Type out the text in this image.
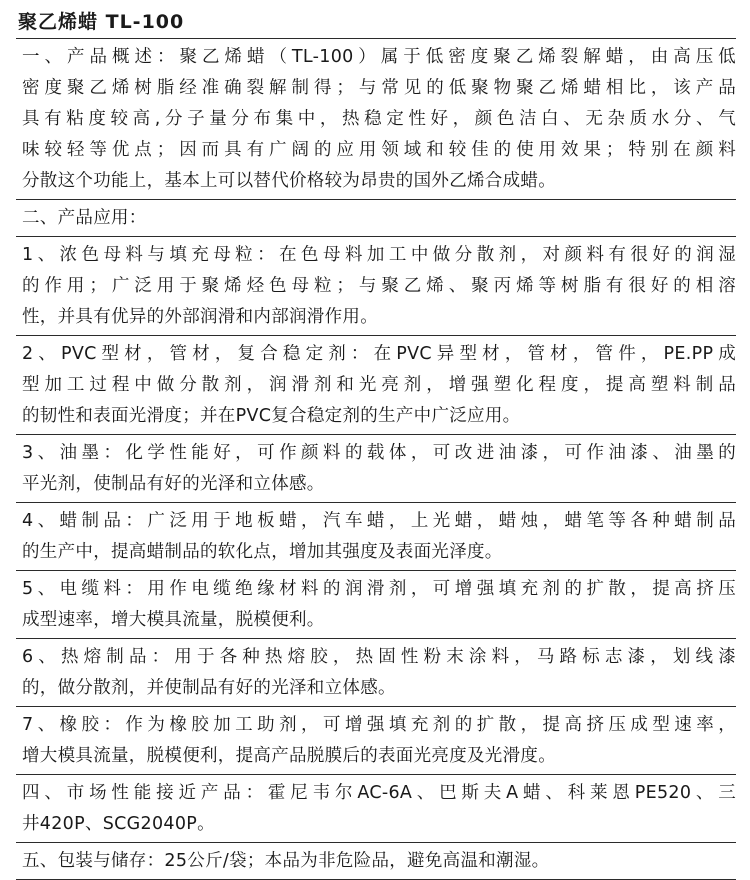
聚乙烯蜡 TL-100
一、产品概述：聚乙烯蜡（TL-100）属于低密度聚乙烯裂解蜡，由高压低
密度聚乙烯树脂经准确裂解制得；与常见的低聚物聚乙烯蜡相比，该产品
具有粘度较高,分子量分布集中，热稳定性好，颜色洁白、无杂质水分、气
味较轻等优点；因而具有广阔的应用领域和较佳的使用效果；特别在颜料
分散这个功能上，基本上可以替代价格较为昂贵的国外乙烯合成蜡。
二、产品应用：
1、浓色母料与填充母粒：在色母料加工中做分散剂，对颜料有很好的润湿
的作用；广泛用于聚烯烃色母粒；与聚乙烯、聚丙烯等树脂有很好的相溶
性，并具有优异的外部润滑和内部润滑作用。
2、PVC型材，管材，复合稳定剂：在PVC异型材，管材，管件，PE.PP成
型加工过程中做分散剂，润滑剂和光亮剂，增强塑化程度，提高塑料制品
的韧性和表面光滑度；并在PVC复合稳定剂的生产中广泛应用。
3、油墨：化学性能好，可作颜料的载体，可改进油漆，可作油漆、油墨的
平光剂，使制品有好的光泽和立体感。
4、蜡制品：广泛用于地板蜡，汽车蜡，上光蜡，蜡烛，蜡笔等各种蜡制品
的生产中，提高蜡制品的软化点，增加其强度及表面光泽度。
5、电缆料：用作电缆绝缘材料的润滑剂，可增强填充剂的扩散，提高挤压
成型速率，增大模具流量，脱模便利。
6、热熔制品：用于各种热熔胶，热固性粉末涂料，马路标志漆，划线漆
的，做分散剂，并使制品有好的光泽和立体感。
7、橡胶：作为橡胶加工助剂，可增强填充剂的扩散，提高挤压成型速率，
增大模具流量，脱模便利，提高产品脱膜后的表面光亮度及光滑度。
四、市场性能接近产品：霍尼韦尔AC-6A、巴斯夫A蜡、科莱恩PE520、三
井420P、SCG2040P。
五、包装与储存：25公斤/袋；本品为非危险品，避免高温和潮湿。
